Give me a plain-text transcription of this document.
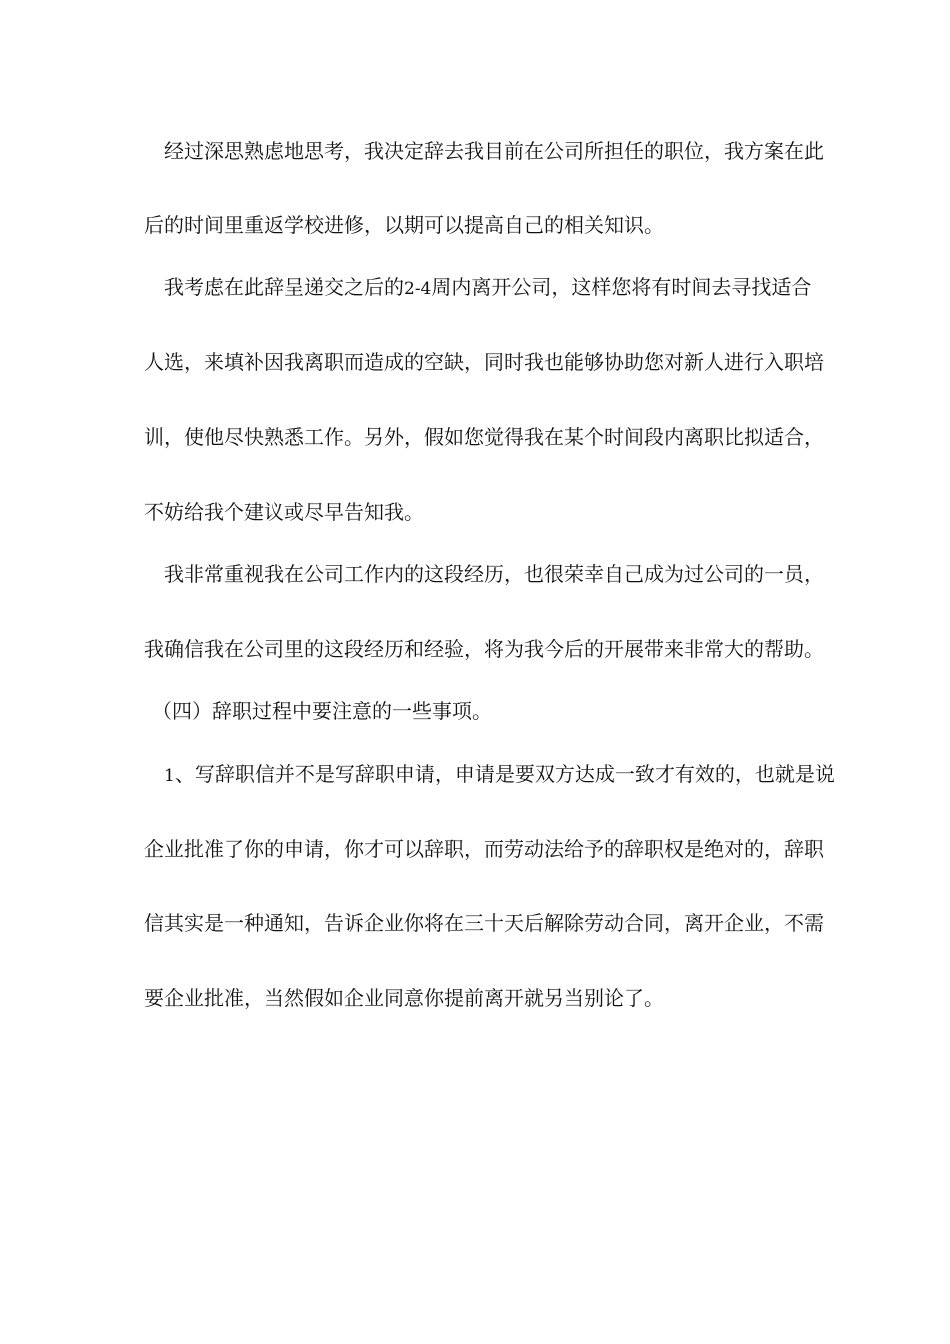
　经过深思熟虑地思考，我决定辞去我目前在公司所担任的职位，我方案在此
后的时间里重返学校进修，以期可以提高自己的相关知识。
　我考虑在此辞呈递交之后的2-4周内离开公司，这样您将有时间去寻找适合
人选，来填补因我离职而造成的空缺，同时我也能够协助您对新人进行入职培
训，使他尽快熟悉工作。另外，假如您觉得我在某个时间段内离职比拟适合，
不妨给我个建议或尽早告知我。
　我非常重视我在公司工作内的这段经历，也很荣幸自己成为过公司的一员，
我确信我在公司里的这段经历和经验，将为我今后的开展带来非常大的帮助。
（四）辞职过程中要注意的一些事项。
1、写辞职信并不是写辞职申请，申请是要双方达成一致才有效的，也就是说
企业批准了你的申请，你才可以辞职，而劳动法给予的辞职权是绝对的，辞职
信其实是一种通知，告诉企业你将在三十天后解除劳动合同，离开企业，不需
要企业批准，当然假如企业同意你提前离开就另当别论了。
